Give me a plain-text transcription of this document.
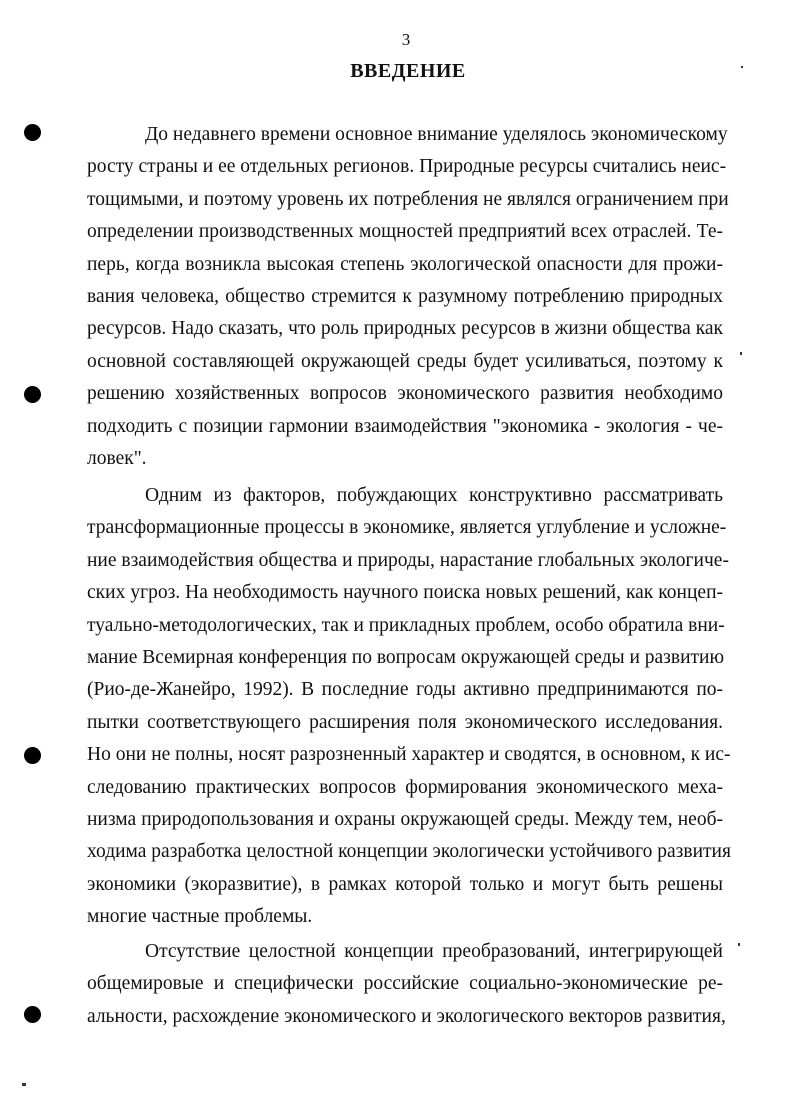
3
ВВЕДЕНИЕ
До недавнего времени основное внимание уделялось экономическому
росту страны и ее отдельных регионов. Природные ресурсы считались неис-
тощимыми, и поэтому уровень их потребления не являлся ограничением при
определении производственных мощностей предприятий всех отраслей. Те-
перь, когда возникла высокая степень экологической опасности для прожи-
вания человека, общество стремится к разумному потреблению природных
ресурсов. Надо сказать, что роль природных ресурсов в жизни общества как
основной составляющей окружающей среды будет усиливаться, поэтому к
решению хозяйственных вопросов экономического развития необходимо
подходить с позиции гармонии взаимодействия "экономика - экология - че-
ловек".
Одним из факторов, побуждающих конструктивно рассматривать
трансформационные процессы в экономике, является углубление и усложне-
ние взаимодействия общества и природы, нарастание глобальных экологиче-
ских угроз. На необходимость научного поиска новых решений, как концеп-
туально-методологических, так и прикладных проблем, особо обратила вни-
мание Всемирная конференция по вопросам окружающей среды и развитию
(Рио-де-Жанейро, 1992). В последние годы активно предпринимаются по-
пытки соответствующего расширения поля экономического исследования.
Но они не полны, носят разрозненный характер и сводятся, в основном, к ис-
следованию практических вопросов формирования экономического меха-
низма природопользования и охраны окружающей среды. Между тем, необ-
ходима разработка целостной концепции экологически устойчивого развития
экономики (экоразвитие), в рамках которой только и могут быть решены
многие частные проблемы.
Отсутствие целостной концепции преобразований, интегрирующей
общемировые и специфически российские социально-экономические ре-
альности, расхождение экономического и экологического векторов развития,
